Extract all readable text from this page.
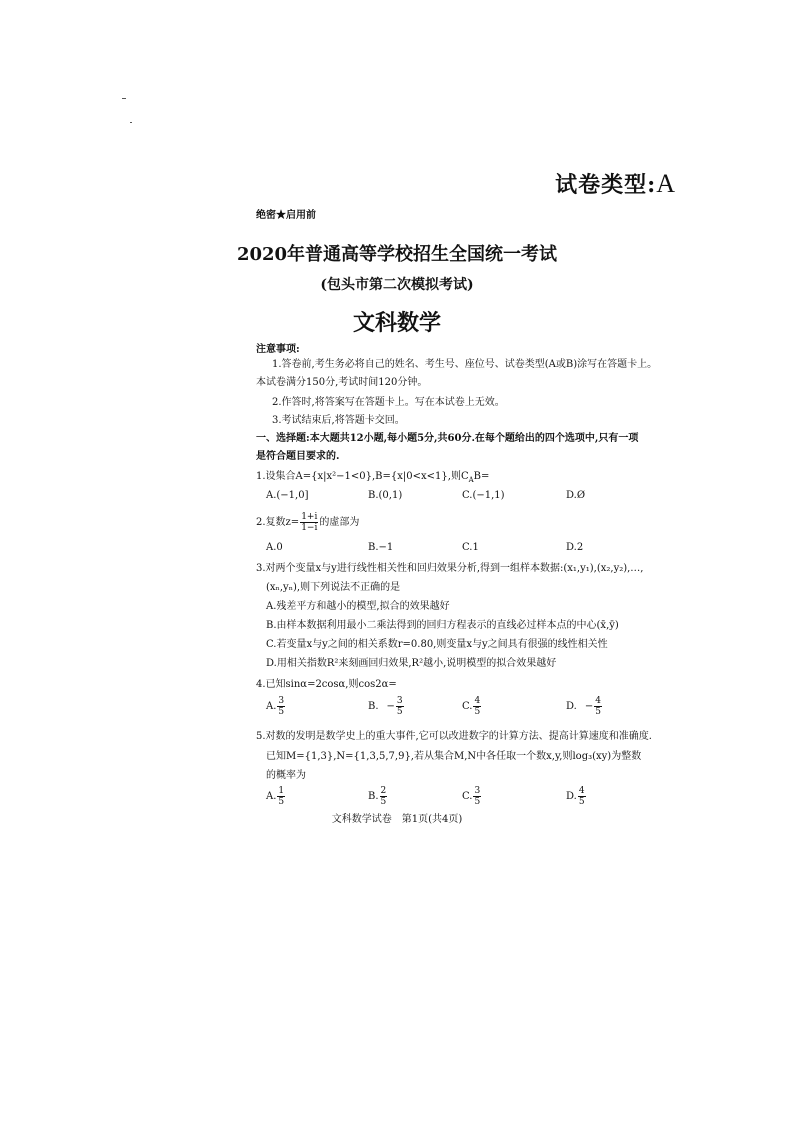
试卷类型:A
绝密★启用前
2020年普通高等学校招生全国统一考试
(包头市第二次模拟考试)
文科数学
注意事项:
1.答卷前,考生务必将自己的姓名、考生号、座位号、试卷类型(A或B)涂写在答题卡上。
本试卷满分150分,考试时间120分钟。
2.作答时,将答案写在答题卡上。写在本试卷上无效。
3.考试结束后,将答题卡交回。
一、选择题:本大题共12小题,每小题5分,共60分.在每个题给出的四个选项中,只有一项
是符合题目要求的.
1.设集合A={x|x²−1<0},B={x|0<x<1},则$C_AB=$
A.(−1,0]	B.(0,1)	C.(−1,1)	D.Ø
2.复数$z= \frac{1+i}{1-i}$ 的虚部为
A.0	B.−1	C.1	D.2
3.对两个变量x与y进行线性相关性和回归效果分析,得到一组样本数据:(x₁,y₁),(x₂,y₂),…,
(xₙ,yₙ),则下列说法不正确的是
A.残差平方和越小的模型,拟合的效果越好
B.由样本数据利用最小二乘法得到的回归方程表示的直线必过样本点的中心(x̄,ȳ)
C.若变量x与y之间的相关系数r=0.80,则变量x与y之间具有很强的线性相关性
D.用相关指数R²来刻画回归效果,R²越小,说明模型的拟合效果越好
4.已知sinα=2cosα,则cos2α=
A. $\frac{3}{5}$	B. − $\frac{3}{5}$	C. $\frac{4}{5}$	D. − $\frac{4}{5}$
5.对数的发明是数学史上的重大事件,它可以改进数字的计算方法、提高计算速度和准确度.
已知M={1,3},N={1,3,5,7,9},若从集合M,N中各任取一个数x,y,则log₃(xy)为整数
的概率为
A. $\frac{1}{5}$	B. $\frac{2}{5}$	C. $\frac{3}{5}$	D. $\frac{4}{5}$
文科数学试卷　第1页(共4页)
